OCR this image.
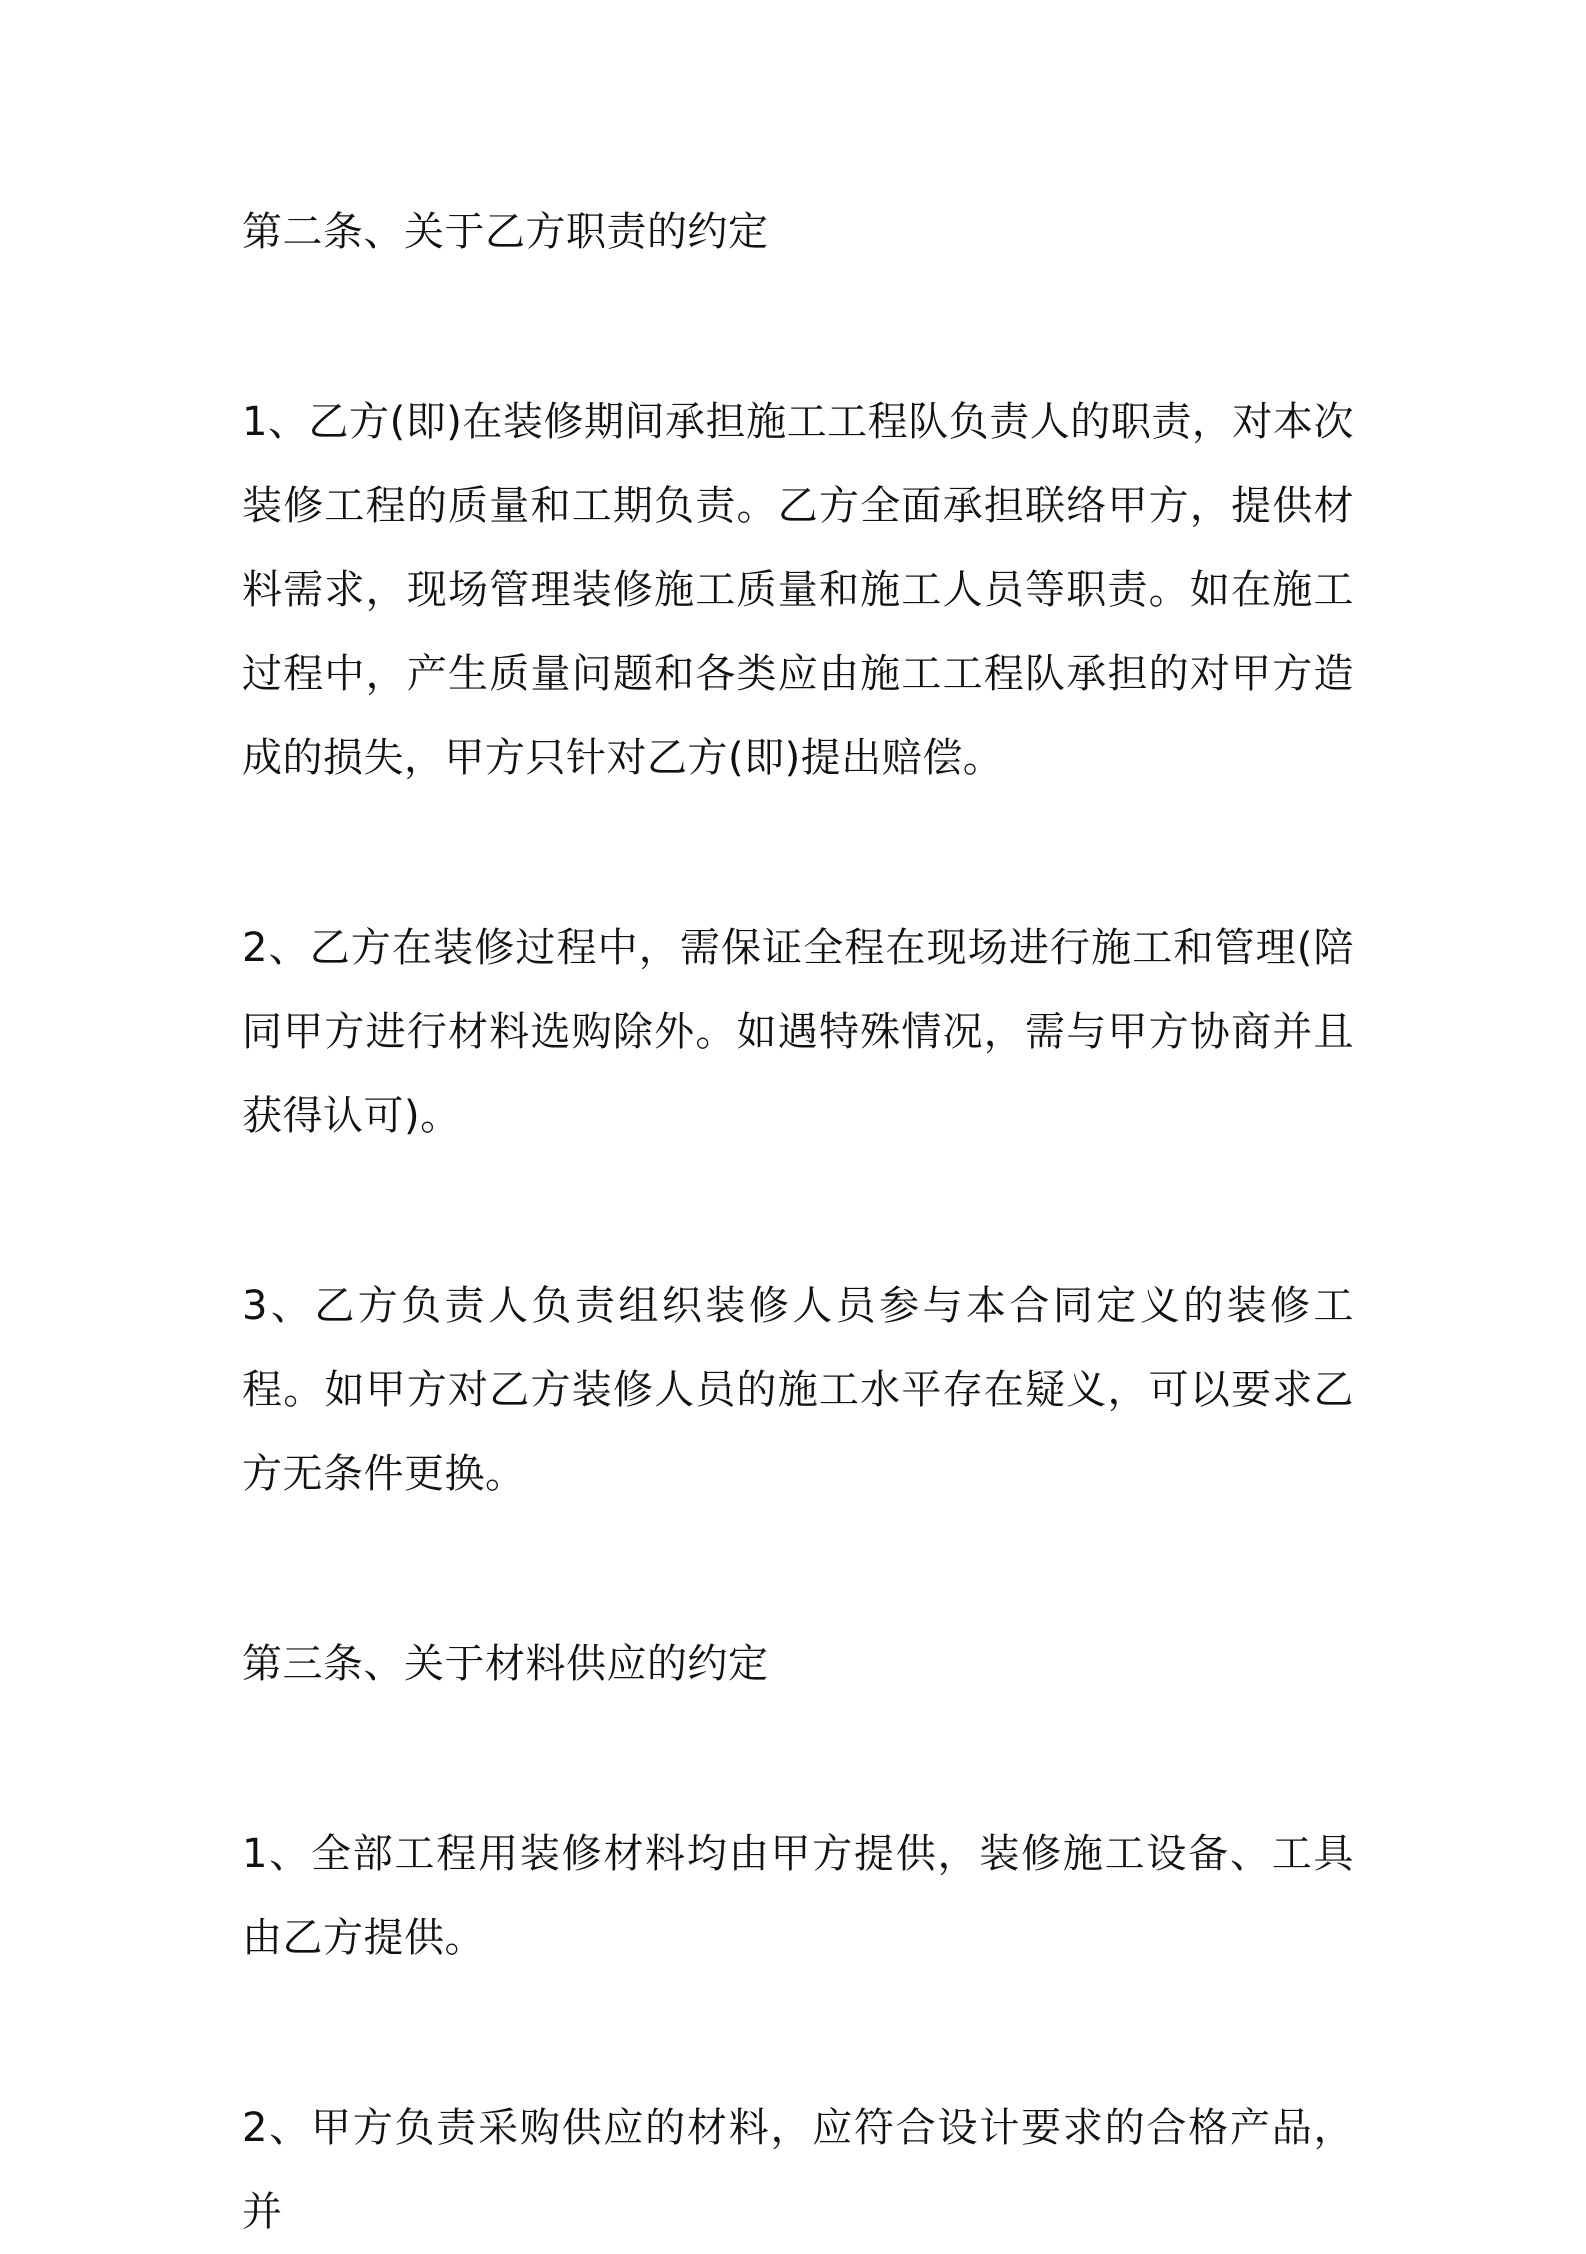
第二条、关于乙方职责的约定
1、乙方(即)在装修期间承担施工工程队负责人的职责，对本次装修工程的质量和工期负责。乙方全面承担联络甲方，提供材料需求，现场管理装修施工质量和施工人员等职责。如在施工过程中，产生质量问题和各类应由施工工程队承担的对甲方造成的损失，甲方只针对乙方(即)提出赔偿。
2、乙方在装修过程中，需保证全程在现场进行施工和管理(陪同甲方进行材料选购除外。如遇特殊情况，需与甲方协商并且获得认可)。
3、乙方负责人负责组织装修人员参与本合同定义的装修工程。如甲方对乙方装修人员的施工水平存在疑义，可以要求乙方无条件更换。
第三条、关于材料供应的约定
1、全部工程用装修材料均由甲方提供，装修施工设备、工具由乙方提供。
2、甲方负责采购供应的材料，应符合设计要求的合格产品，并
